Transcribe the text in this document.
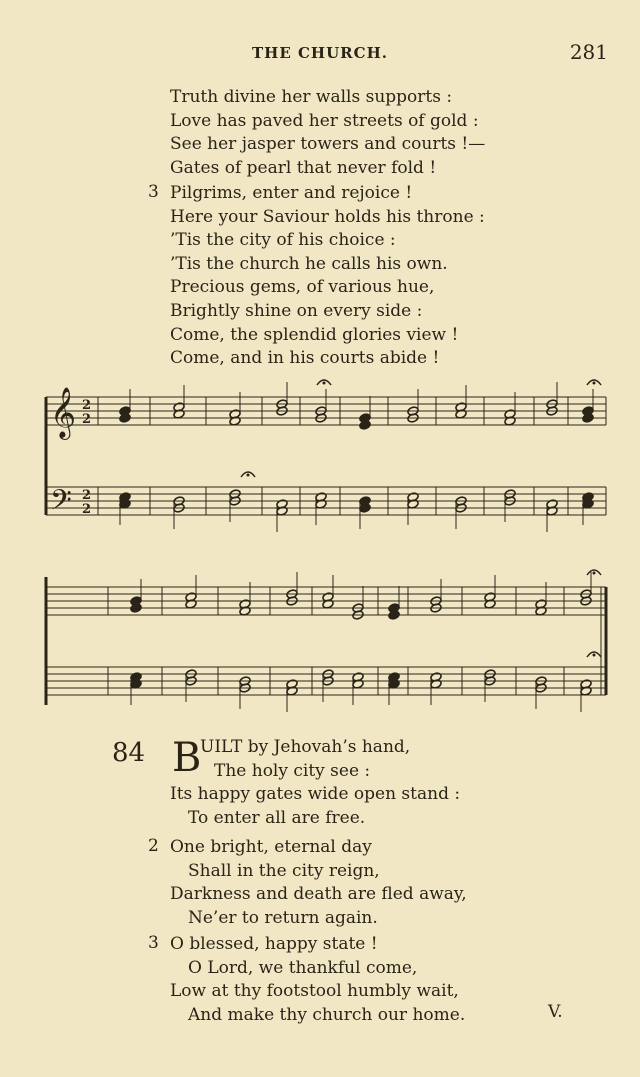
THE CHURCH.	281
Truth divine her walls supports :
Love has paved her streets of gold :
See her jasper towers and courts !—
Gates of pearl that never fold !
3 Pilgrims, enter and rejoice !
Here your Saviour holds his throne :
’Tis the city of his choice :
’Tis the church he calls his own.
Precious gems, of various hue,
Brightly shine on every side :
Come, the splendid glories view !
Come, and in his courts abide !
𝄞
𝄢
2
2
2
2
84 B
UILT by Jehovah’s hand,
The holy city see :
Its happy gates wide open stand :
To enter all are free.
2 One bright, eternal day
Shall in the city reign,
Darkness and death are fled away,
Ne’er to return again.
3 O blessed, happy state !
O Lord, we thankful come,
Low at thy footstool humbly wait,
And make thy church our home.	V.
